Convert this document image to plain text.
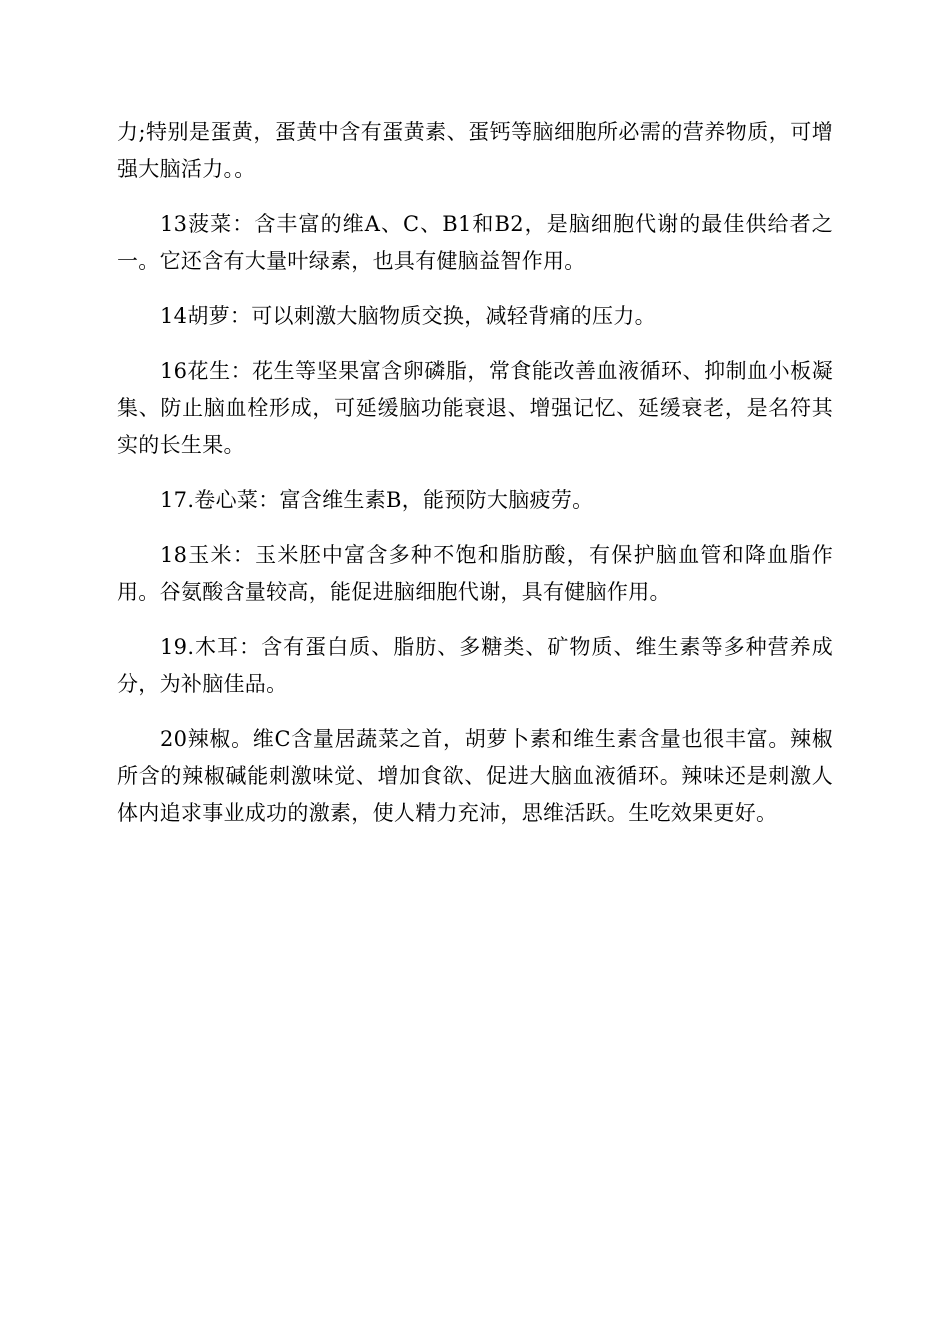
力;特别是蛋黄，蛋黄中含有蛋黄素、蛋钙等脑细胞所必需的营养物质，可增强大脑活力。。

13菠菜：含丰富的维A、C、B1和B2，是脑细胞代谢的最佳供给者之一。它还含有大量叶绿素，也具有健脑益智作用。

14胡萝：可以刺激大脑物质交换，减轻背痛的压力。

16花生：花生等坚果富含卵磷脂，常食能改善血液循环、抑制血小板凝集、防止脑血栓形成，可延缓脑功能衰退、增强记忆、延缓衰老，是名符其实的长生果。

17.卷心菜：富含维生素B，能预防大脑疲劳。

18玉米：玉米胚中富含多种不饱和脂肪酸，有保护脑血管和降血脂作用。谷氨酸含量较高，能促进脑细胞代谢，具有健脑作用。

19.木耳：含有蛋白质、脂肪、多糖类、矿物质、维生素等多种营养成分，为补脑佳品。

20辣椒。维C含量居蔬菜之首，胡萝卜素和维生素含量也很丰富。辣椒所含的辣椒碱能刺激味觉、增加食欲、促进大脑血液循环。辣味还是刺激人体内追求事业成功的激素，使人精力充沛，思维活跃。生吃效果更好。
